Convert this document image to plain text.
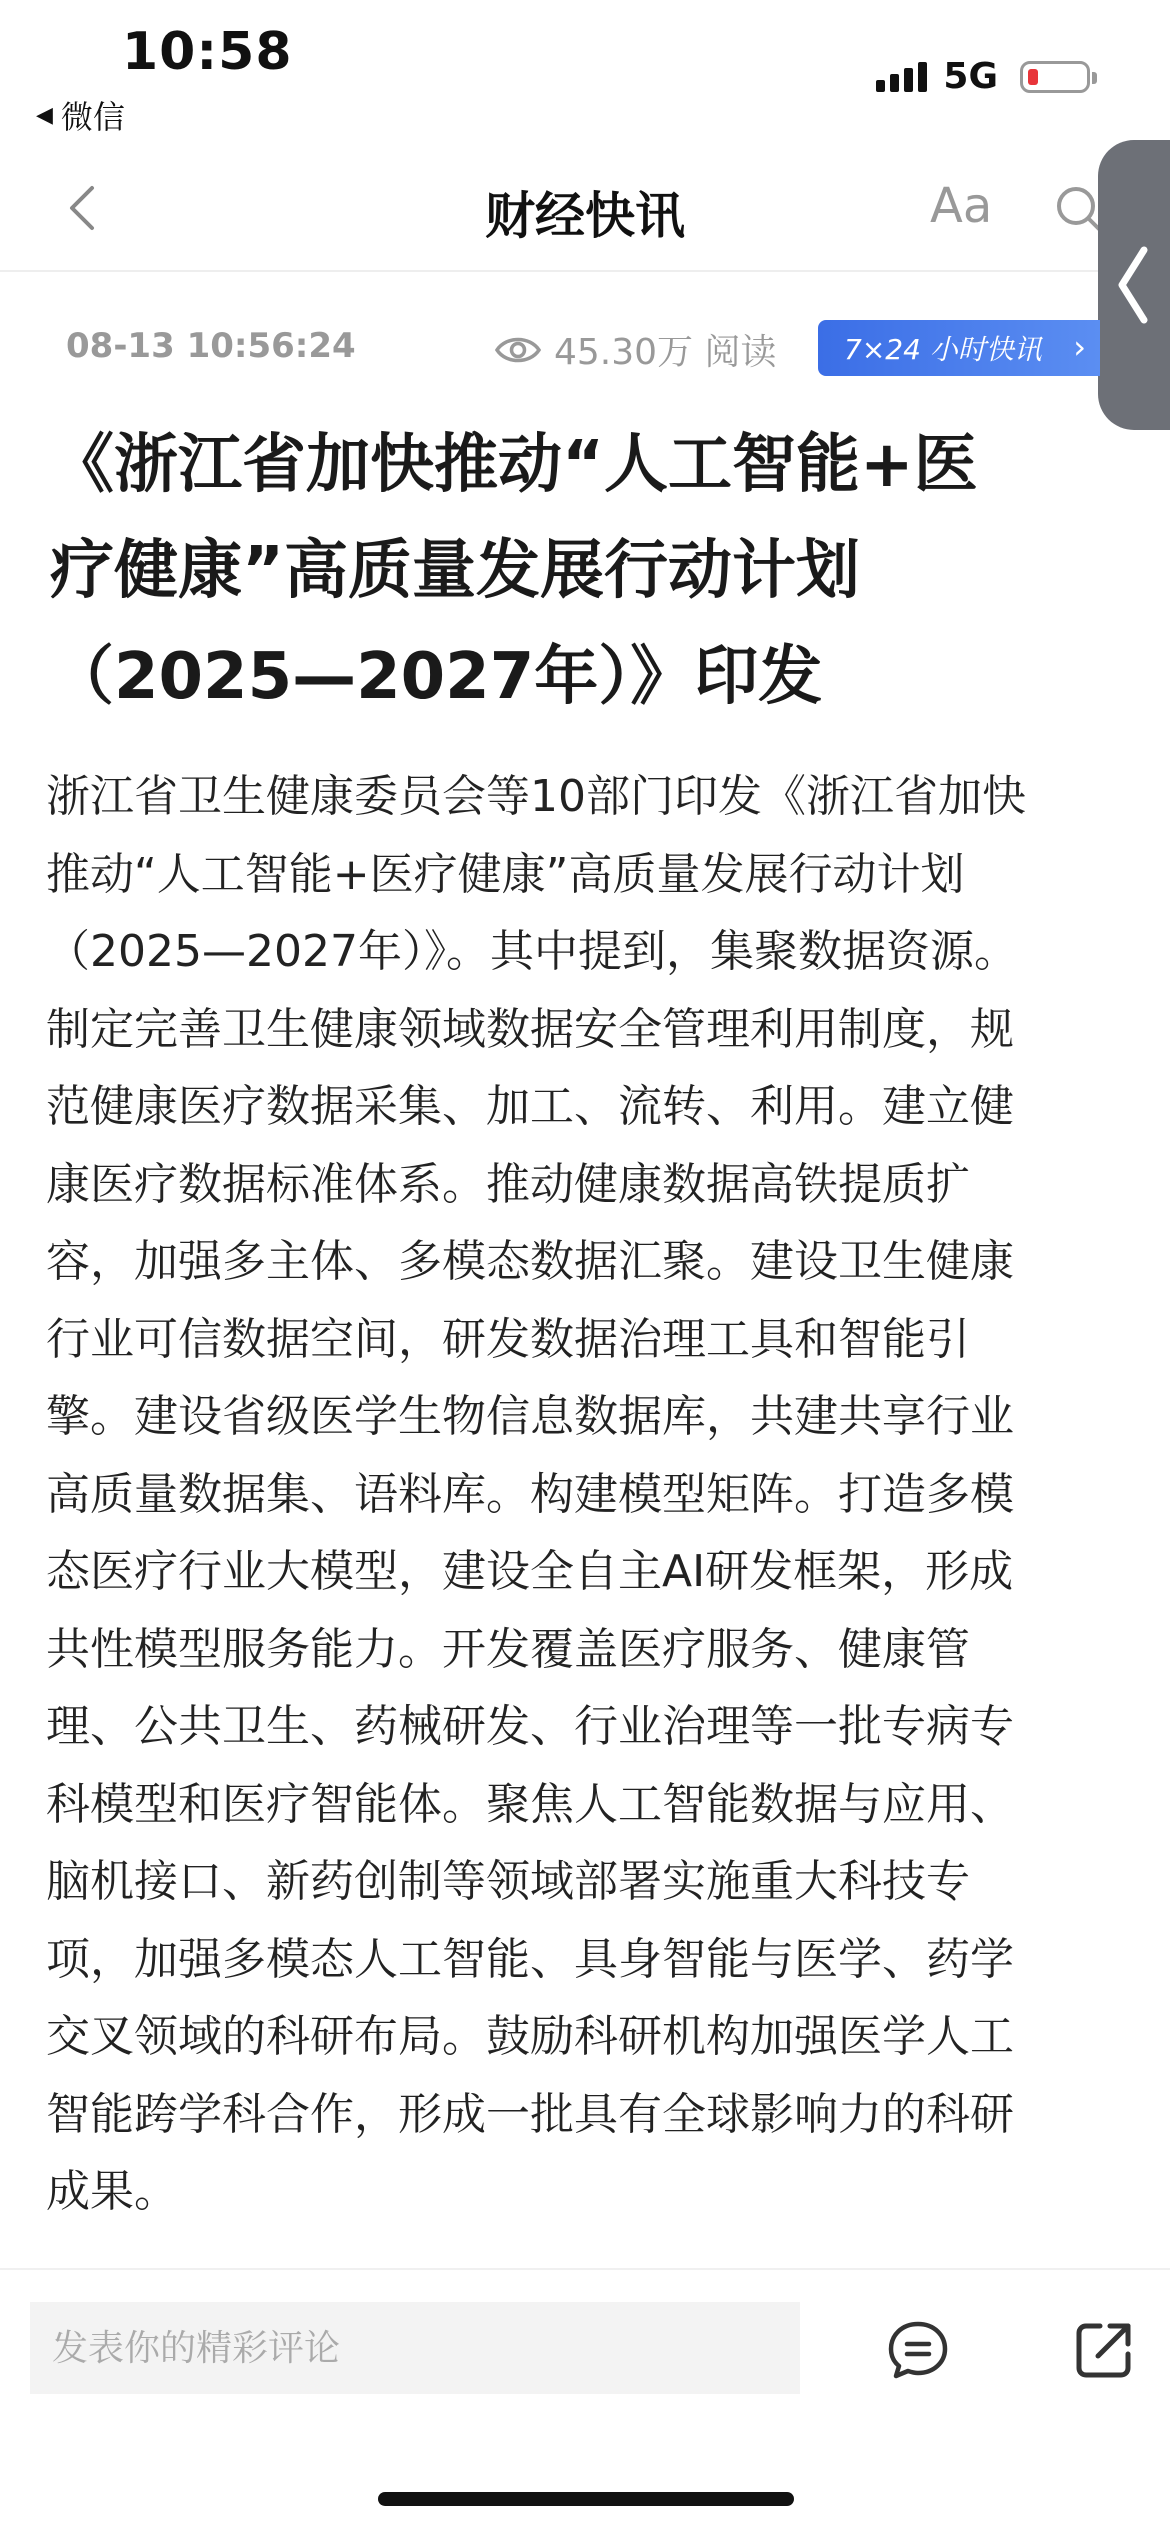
10:58
◀ 微信
5G
财经快讯	Aa
08-13 10:56:24	45.30万 阅读 7×24 小时快讯 ›
《浙江省加快推动“人工智能+医
疗健康”高质量发展行动计划
（2025—2027年）》印发
浙江省卫生健康委员会等10部门印发《浙江省加快
推动“人工智能+医疗健康”高质量发展行动计划
（2025—2027年）》。其中提到，集聚数据资源。
制定完善卫生健康领域数据安全管理利用制度，规
范健康医疗数据采集、加工、流转、利用。建立健
康医疗数据标准体系。推动健康数据高铁提质扩
容，加强多主体、多模态数据汇聚。建设卫生健康
行业可信数据空间，研发数据治理工具和智能引
擎。建设省级医学生物信息数据库，共建共享行业
高质量数据集、语料库。构建模型矩阵。打造多模
态医疗行业大模型，建设全自主AI研发框架，形成
共性模型服务能力。开发覆盖医疗服务、健康管
理、公共卫生、药械研发、行业治理等一批专病专
科模型和医疗智能体。聚焦人工智能数据与应用、
脑机接口、新药创制等领域部署实施重大科技专
项，加强多模态人工智能、具身智能与医学、药学
交叉领域的科研布局。鼓励科研机构加强医学人工
智能跨学科合作，形成一批具有全球影响力的科研
成果。
发表你的精彩评论
